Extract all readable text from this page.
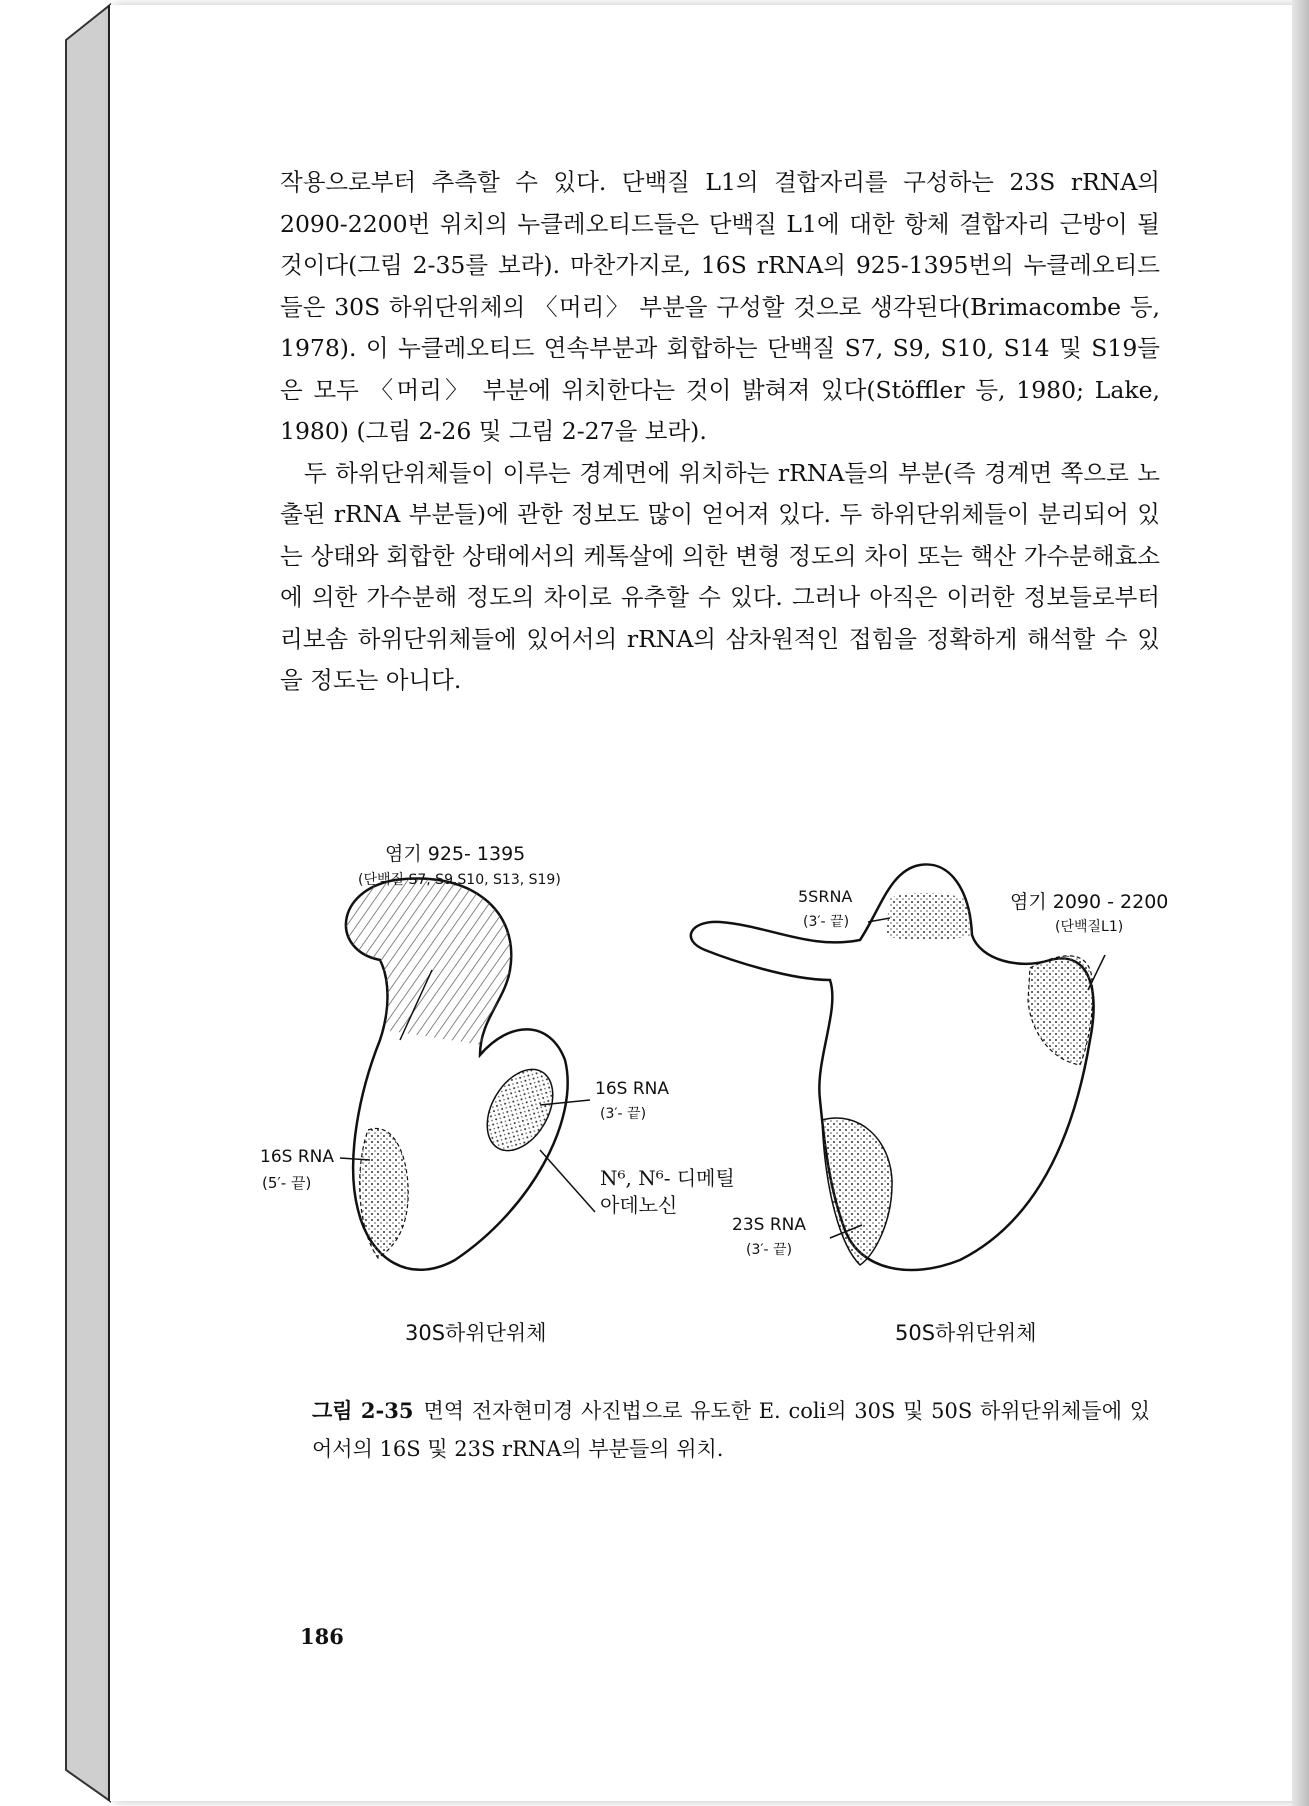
작용으로부터 추측할 수 있다. 단백질 L1의 결합자리를 구성하는 23S rRNA의 2090-2200번 위치의 누클레오티드들은 단백질 L1에 대한 항체 결합자리 근방이 될 것이다(그림 2-35를 보라). 마찬가지로, 16S rRNA의 925-1395번의 누클레오티드들은 30S 하위단위체의 〈머리〉 부분을 구성할 것으로 생각된다(Brimacombe 등, 1978). 이 누클레오티드 연속부분과 회합하는 단백질 S7, S9, S10, S14 및 S19들은 모두 〈머리〉 부분에 위치한다는 것이 밝혀져 있다(Stöffler 등, 1980; Lake, 1980) (그림 2-26 및 그림 2-27을 보라).

두 하위단위체들이 이루는 경계면에 위치하는 rRNA들의 부분(즉 경계면 쪽으로 노출된 rRNA 부분들)에 관한 정보도 많이 얻어져 있다. 두 하위단위체들이 분리되어 있는 상태와 회합한 상태에서의 케톡살에 의한 변형 정도의 차이 또는 핵산 가수분해효소에 의한 가수분해 정도의 차이로 유추할 수 있다. 그러나 아직은 이러한 정보들로부터 리보솜 하위단위체들에 있어서의 rRNA의 삼차원적인 접힘을 정확하게 해석할 수 있을 정도는 아니다.

염기 925- 1395
(단백질 S7, S9,S10, S13, S19)
16S RNA
(3′- 끝)
16S RNA
(5′- 끝)	N⁶, N⁶- 디메틸
아데노신
30S하위단위체
5SRNA
(3′- 끝)
염기 2090 - 2200
(단백질L1)
23S RNA
(3′- 끝)
50S하위단위체
그림 2-35 면역 전자현미경 사진법으로 유도한 E. coli의 30S 및 50S 하위단위체들에 있어서의 16S 및 23S rRNA의 부분들의 위치.
186
